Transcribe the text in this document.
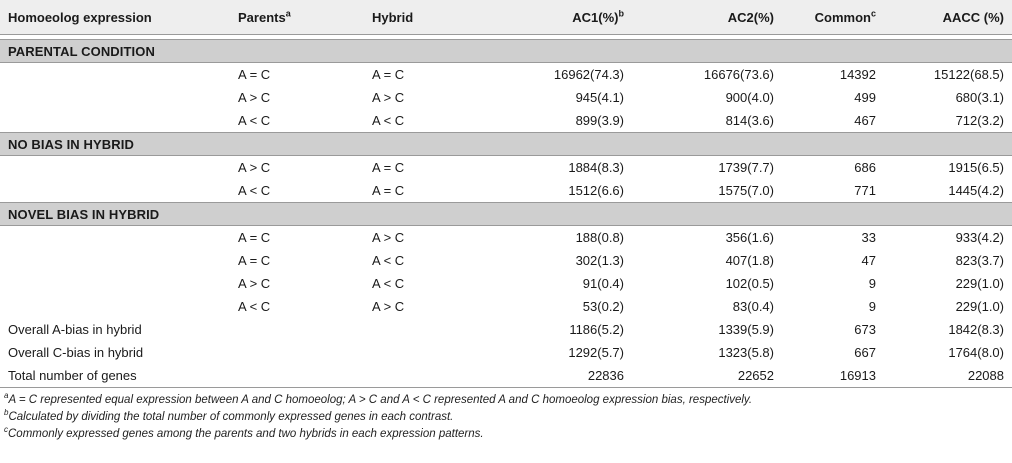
Homoeolog expression	Parents$^a$	Hybrid	AC1(%)$^b$	AC2(%)	Common$^c$	AACC (%)

PARENTAL CONDITION						
	A = C	A = C	16962(74.3)	16676(73.6)	14392	15122(68.5)
	A > C	A > C	945(4.1)	900(4.0)	499	680(3.1)
	A < C	A < C	899(3.9)	814(3.6)	467	712(3.2)
NO BIAS IN HYBRID						
	A > C	A = C	1884(8.3)	1739(7.7)	686	1915(6.5)
	A < C	A = C	1512(6.6)	1575(7.0)	771	1445(4.2)
NOVEL BIAS IN HYBRID						
	A = C	A > C	188(0.8)	356(1.6)	33	933(4.2)
	A = C	A < C	302(1.3)	407(1.8)	47	823(3.7)
	A > C	A < C	91(0.4)	102(0.5)	9	229(1.0)
	A < C	A > C	53(0.2)	83(0.4)	9	229(1.0)
Overall A-bias in hybrid			1186(5.2)	1339(5.9)	673	1842(8.3)
Overall C-bias in hybrid			1292(5.7)	1323(5.8)	667	1764(8.0)
Total number of genes			22836	22652	16913	22088
$^a$A = C represented equal expression between A and C homoeolog; A > C and A < C represented A and C homoeolog expression bias, respectively.
$^b$Calculated by dividing the total number of commonly expressed genes in each contrast.
$^c$Commonly expressed genes among the parents and two hybrids in each expression patterns.
